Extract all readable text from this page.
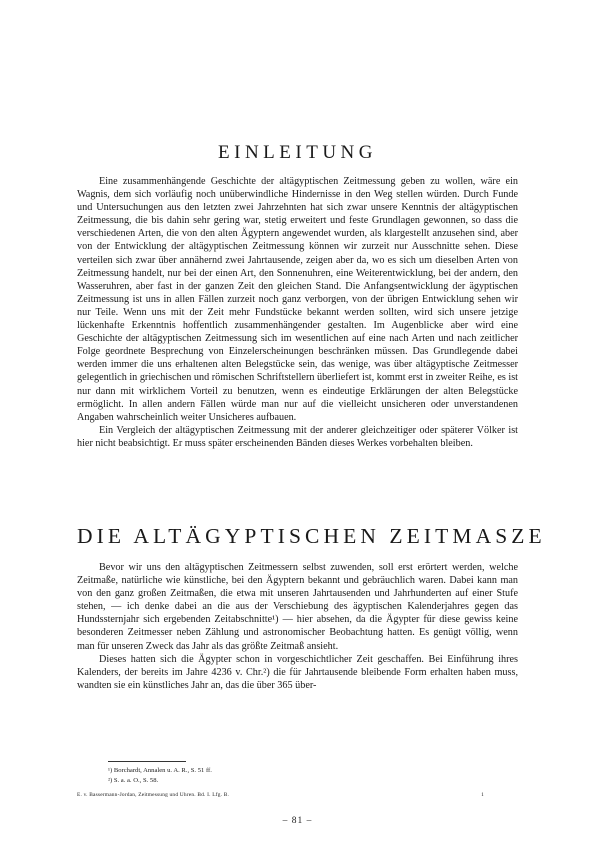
EINLEITUNG

Eine zusammenhängende Geschichte der altägyptischen Zeitmessung geben zu wollen, wäre ein Wagnis, dem sich vorläufig noch unüberwindliche Hindernisse in den Weg stellen würden. Durch Funde und Untersuchungen aus den letzten zwei Jahrzehnten hat sich zwar unsere Kenntnis der altägyptischen Zeitmessung, die bis dahin sehr gering war, stetig erweitert und feste Grundlagen gewonnen, so dass die verschiedenen Arten, die von den alten Ägyptern angewendet wurden, als klargestellt anzusehen sind, aber von der Entwicklung der altägyptischen Zeitmessung können wir zurzeit nur Ausschnitte sehen. Diese verteilen sich zwar über annähernd zwei Jahrtausende, zeigen aber da, wo es sich um dieselben Arten von Zeitmessung handelt, nur bei der einen Art, den Sonnenuhren, eine Weiterentwicklung, bei der andern, den Wasseruhren, aber fast in der ganzen Zeit den gleichen Stand. Die Anfangsentwicklung der ägyptischen Zeitmessung ist uns in allen Fällen zurzeit noch ganz verborgen, von der übrigen Entwicklung sehen wir nur Teile. Wenn uns mit der Zeit mehr Fundstücke bekannt werden sollten, wird sich unsere jetzige lückenhafte Erkenntnis hoffentlich zusammenhängender gestalten. Im Augenblicke aber wird eine Geschichte der altägyptischen Zeitmessung sich im wesentlichen auf eine nach Arten und nach zeitlicher Folge geordnete Besprechung von Einzelerscheinungen beschränken müssen. Das Grundlegende dabei werden immer die uns erhaltenen alten Belegstücke sein, das wenige, was über altägyptische Zeitmesser gelegentlich in griechischen und römischen Schriftstellern überliefert ist, kommt erst in zweiter Reihe, es ist nur dann mit wirklichem Vorteil zu benutzen, wenn es eindeutige Erklärungen der alten Belegstücke ermöglicht. In allen andern Fällen würde man nur auf die vielleicht unsicheren oder unverstandenen Angaben wahrscheinlich weiter Unsicheres aufbauen.

Ein Vergleich der altägyptischen Zeitmessung mit der anderer gleichzeitiger oder späterer Völker ist hier nicht beabsichtigt. Er muss später erscheinenden Bänden dieses Werkes vorbehalten bleiben.

DIE ALTÄGYPTISCHEN ZEITMASZE

Bevor wir uns den altägyptischen Zeitmessern selbst zuwenden, soll erst erörtert werden, welche Zeitmaße, natürliche wie künstliche, bei den Ägyptern bekannt und gebräuchlich waren. Dabei kann man von den ganz großen Zeitmaßen, die etwa mit unseren Jahrtausenden und Jahrhunderten auf einer Stufe stehen, — ich denke dabei an die aus der Verschiebung des ägyptischen Kalenderjahres gegen das Hundssternjahr sich ergebenden Zeitabschnitte¹) — hier absehen, da die Ägypter für diese gewiss keine besonderen Zeitmesser neben Zählung und astronomischer Beobachtung hatten. Es genügt völlig, wenn man für unseren Zweck das Jahr als das größte Zeitmaß ansieht.

Dieses hatten sich die Ägypter schon in vorgeschichtlicher Zeit geschaffen. Bei Einführung ihres Kalenders, der bereits im Jahre 4236 v. Chr.²) die für Jahrtausende bleibende Form erhalten haben muss, wandten sie ein künstliches Jahr an, das die über 365 über-

¹) Borchardt, Annalen u. A. R., S. 51 ff.
²) S. a. a. O., S. 58.
E. v. Bassermann-Jordan, Zeitmessung und Uhren. Bd. I. Lfg. B.	1
– 81 –
